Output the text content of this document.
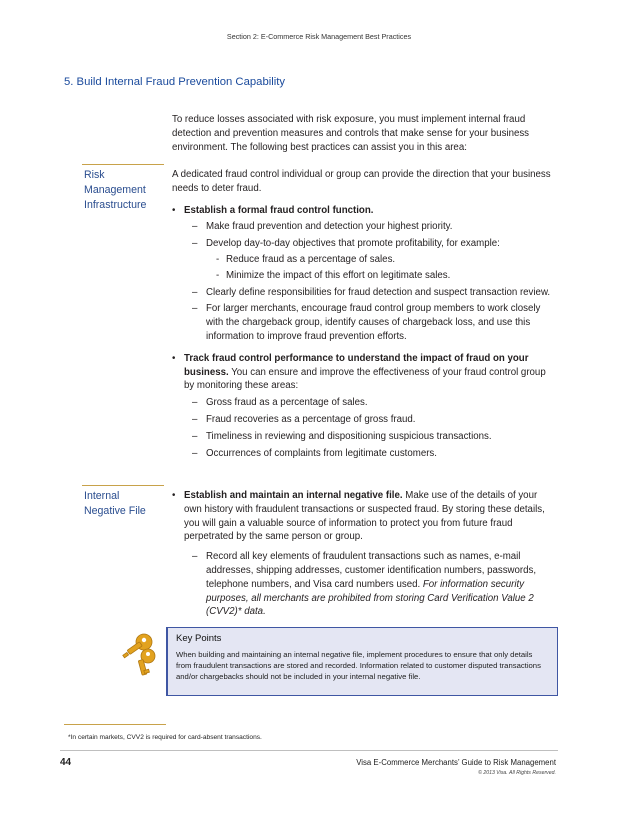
Section 2: E-Commerce Risk Management Best Practices
5. Build Internal Fraud Prevention Capability

To reduce losses associated with risk exposure, you must implement internal fraud detection and prevention measures and controls that make sense for your business environment. The following best practices can assist you in this area:

Risk Management Infrastructure

A dedicated fraud control individual or group can provide the direction that your business needs to deter fraud.

• Establish a formal fraud control function.
– Make fraud prevention and detection your highest priority.
– Develop day-to-day objectives that promote profitability, for example:
- Reduce fraud as a percentage of sales.
- Minimize the impact of this effort on legitimate sales.
– Clearly define responsibilities for fraud detection and suspect transaction review.
– For larger merchants, encourage fraud control group members to work closely with the chargeback group, identify causes of chargeback loss, and use this information to improve fraud prevention efforts.
• Track fraud control performance to understand the impact of fraud on your business. You can ensure and improve the effectiveness of your fraud control group by monitoring these areas:
– Gross fraud as a percentage of sales.
– Fraud recoveries as a percentage of gross fraud.
– Timeliness in reviewing and dispositioning suspicious transactions.
– Occurrences of complaints from legitimate customers.
Internal Negative File
• Establish and maintain an internal negative file. Make use of the details of your own history with fraudulent transactions or suspected fraud. By storing these details, you will gain a valuable source of information to protect you from future fraud perpetrated by the same person or group.
– Record all key elements of fraudulent transactions such as names, e-mail addresses, shipping addresses, customer identification numbers, passwords, telephone numbers, and Visa card numbers used. For information security purposes, all merchants are prohibited from storing Card Verification Value 2 (CVV2)* data.
Key Points
When building and maintaining an internal negative file, implement procedures to ensure that only details from fraudulent transactions are stored and recorded. Information related to customer disputed transactions and/or chargebacks should not be included in your internal negative file.
*In certain markets, CVV2 is required for card-absent transactions.
44	Visa E-Commerce Merchants’ Guide to Risk Management
© 2013 Visa. All Rights Reserved.
